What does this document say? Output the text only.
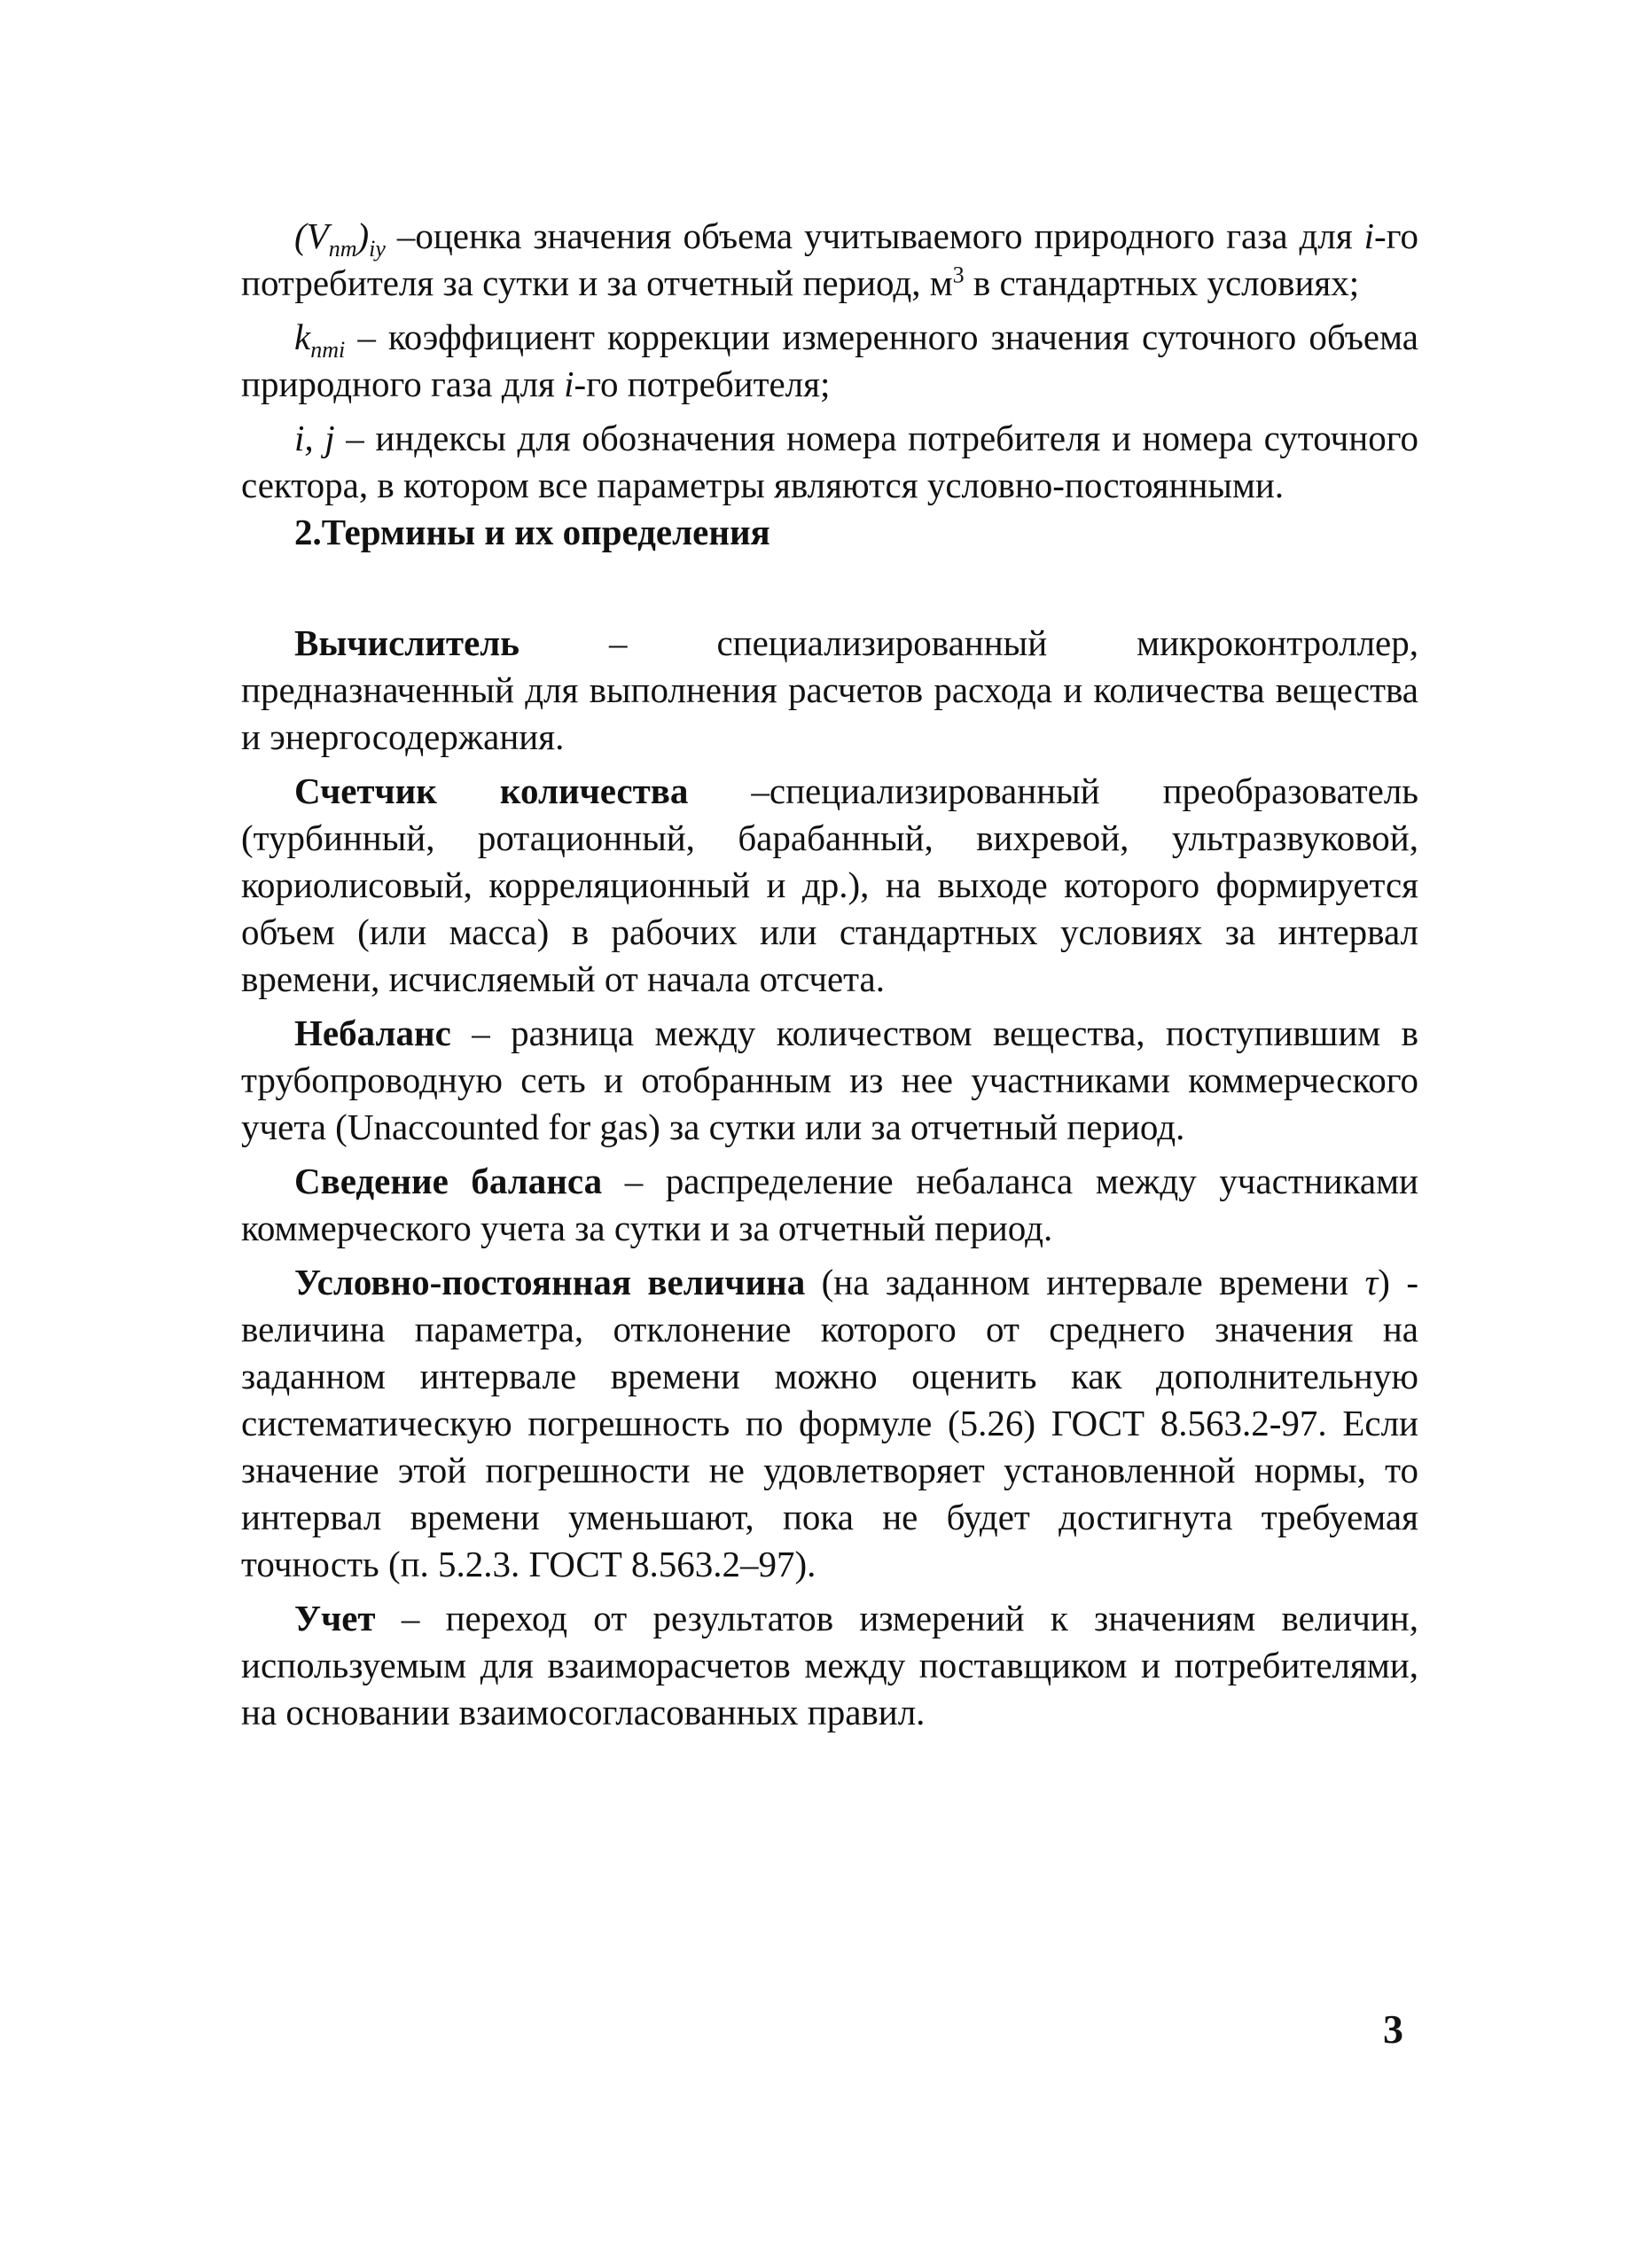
$(V_{nm})_{iy}$ –оценка значения объема учитываемого природного газа для i-го потребителя за сутки и за отчетный период, $м^3$ в стандартных условиях;

$k_{nmi}$ – коэффициент коррекции измеренного значения суточного объема природного газа для i-го потребителя;

i, j – индексы для обозначения номера потребителя и номера суточного сектора, в котором все параметры являются условно-постоянными.

2.Термины и их определения

Вычислитель – специализированный микроконтроллер, предназначенный для выполнения расчетов расхода и количества вещества и энергосодержания.

Счетчик количества –специализированный преобразователь (турбинный, ротационный, барабанный, вихревой, ультразвуковой, кориолисовый, корреляционный и др.), на выходе которого формируется объем (или масса) в рабочих или стандартных условиях за интервал времени, исчисляемый от начала отсчета.

Небаланс – разница между количеством вещества, поступившим в трубопроводную сеть и отобранным из нее участниками коммерческого учета (Unaccounted for gas) за сутки или за отчетный период.

Сведение баланса – распределение небаланса между участниками коммерческого учета за сутки и за отчетный период.

Условно-постоянная величина (на заданном интервале времени τ) - величина параметра, отклонение которого от среднего значения на заданном интервале времени можно оценить как дополнительную систематическую погрешность по формуле (5.26) ГОСТ 8.563.2-97. Если значение этой погрешности не удовлетворяет установленной нормы, то интервал времени уменьшают, пока не будет достигнута требуемая точность (п. 5.2.3. ГОСТ 8.563.2–97).

Учет – переход от результатов измерений к значениям величин, используемым для взаиморасчетов между поставщиком и потребителями, на основании взаимосогласованных правил.

3
